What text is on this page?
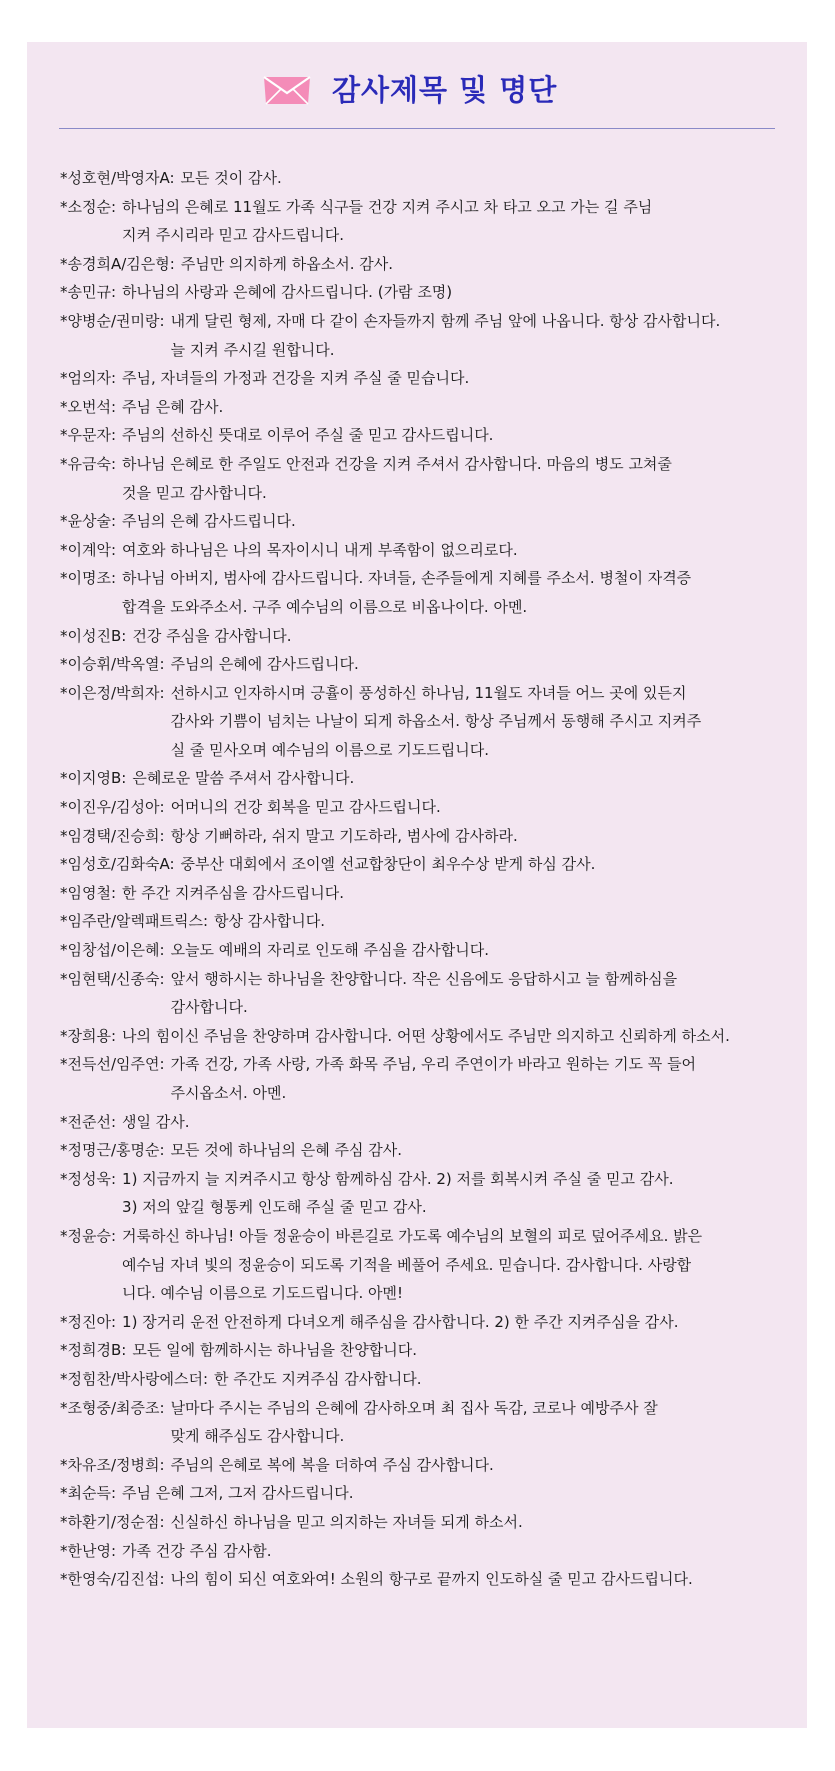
감사제목 및 명단
*성호현/박영자A: 모든 것이 감사.
*소정순: 하나님의 은혜로 11월도 가족 식구들 건강 지켜 주시고 차 타고 오고 가는 길 주님
지켜 주시리라 믿고 감사드립니다.
*송경희A/김은형: 주님만 의지하게 하옵소서. 감사.
*송민규: 하나님의 사랑과 은혜에 감사드립니다. (가람 조명)
*양병순/권미랑: 내게 달린 형제, 자매 다 같이 손자들까지 함께 주님 앞에 나옵니다. 항상 감사합니다.
늘 지켜 주시길 원합니다.
*엄의자: 주님, 자녀들의 가정과 건강을 지켜 주실 줄 믿습니다.
*오번석: 주님 은혜 감사.
*우문자: 주님의 선하신 뜻대로 이루어 주실 줄 믿고 감사드립니다.
*유금숙: 하나님 은혜로 한 주일도 안전과 건강을 지켜 주셔서 감사합니다. 마음의 병도 고쳐줄
것을 믿고 감사합니다.
*윤상술: 주님의 은혜 감사드립니다.
*이계악: 여호와 하나님은 나의 목자이시니 내게 부족함이 없으리로다.
*이명조: 하나님 아버지, 범사에 감사드립니다. 자녀들, 손주들에게 지혜를 주소서. 병철이 자격증
합격을 도와주소서. 구주 예수님의 이름으로 비옵나이다. 아멘.
*이성진B: 건강 주심을 감사합니다.
*이승휘/박옥열: 주님의 은혜에 감사드립니다.
*이은정/박희자: 선하시고 인자하시며 긍휼이 풍성하신 하나님, 11월도 자녀들 어느 곳에 있든지
감사와 기쁨이 넘치는 나날이 되게 하옵소서. 항상 주님께서 동행해 주시고 지켜주
실 줄 믿사오며 예수님의 이름으로 기도드립니다.
*이지영B: 은혜로운 말씀 주셔서 감사합니다.
*이진우/김성아: 어머니의 건강 회복을 믿고 감사드립니다.
*임경택/진승희: 항상 기뻐하라, 쉬지 말고 기도하라, 범사에 감사하라.
*임성호/김화숙A: 중부산 대회에서 조이엘 선교합창단이 최우수상 받게 하심 감사.
*임영철: 한 주간 지켜주심을 감사드립니다.
*임주란/알렉패트릭스: 항상 감사합니다.
*임창섭/이은혜: 오늘도 예배의 자리로 인도해 주심을 감사합니다.
*임현택/신종숙: 앞서 행하시는 하나님을 찬양합니다. 작은 신음에도 응답하시고 늘 함께하심을
감사합니다.
*장희용: 나의 힘이신 주님을 찬양하며 감사합니다. 어떤 상황에서도 주님만 의지하고 신뢰하게 하소서.
*전득선/임주연: 가족 건강, 가족 사랑, 가족 화목 주님, 우리 주연이가 바라고 원하는 기도 꼭 들어
주시옵소서. 아멘.
*전준선: 생일 감사.
*정명근/홍명순: 모든 것에 하나님의 은혜 주심 감사.
*정성욱: 1) 지금까지 늘 지켜주시고 항상 함께하심 감사. 2) 저를 회복시켜 주실 줄 믿고 감사.
3) 저의 앞길 형통케 인도해 주실 줄 믿고 감사.
*정윤승: 거룩하신 하나님! 아들 정윤승이 바른길로 가도록 예수님의 보혈의 피로 덮어주세요. 밝은
예수님 자녀 빛의 정윤승이 되도록 기적을 베풀어 주세요. 믿습니다. 감사합니다. 사랑합
니다. 예수님 이름으로 기도드립니다. 아멘!
*정진아: 1) 장거리 운전 안전하게 다녀오게 해주심을 감사합니다. 2) 한 주간 지켜주심을 감사.
*정희경B: 모든 일에 함께하시는 하나님을 찬양합니다.
*정힘찬/박사랑에스더: 한 주간도 지켜주심 감사합니다.
*조형중/최증조: 날마다 주시는 주님의 은혜에 감사하오며 최 집사 독감, 코로나 예방주사 잘
맞게 해주심도 감사합니다.
*차유조/정병희: 주님의 은혜로 복에 복을 더하여 주심 감사합니다.
*최순득: 주님 은혜 그저, 그저 감사드립니다.
*하환기/정순점: 신실하신 하나님을 믿고 의지하는 자녀들 되게 하소서.
*한난영: 가족 건강 주심 감사함.
*한영숙/김진섭: 나의 힘이 되신 여호와여! 소원의 항구로 끝까지 인도하실 줄 믿고 감사드립니다.
